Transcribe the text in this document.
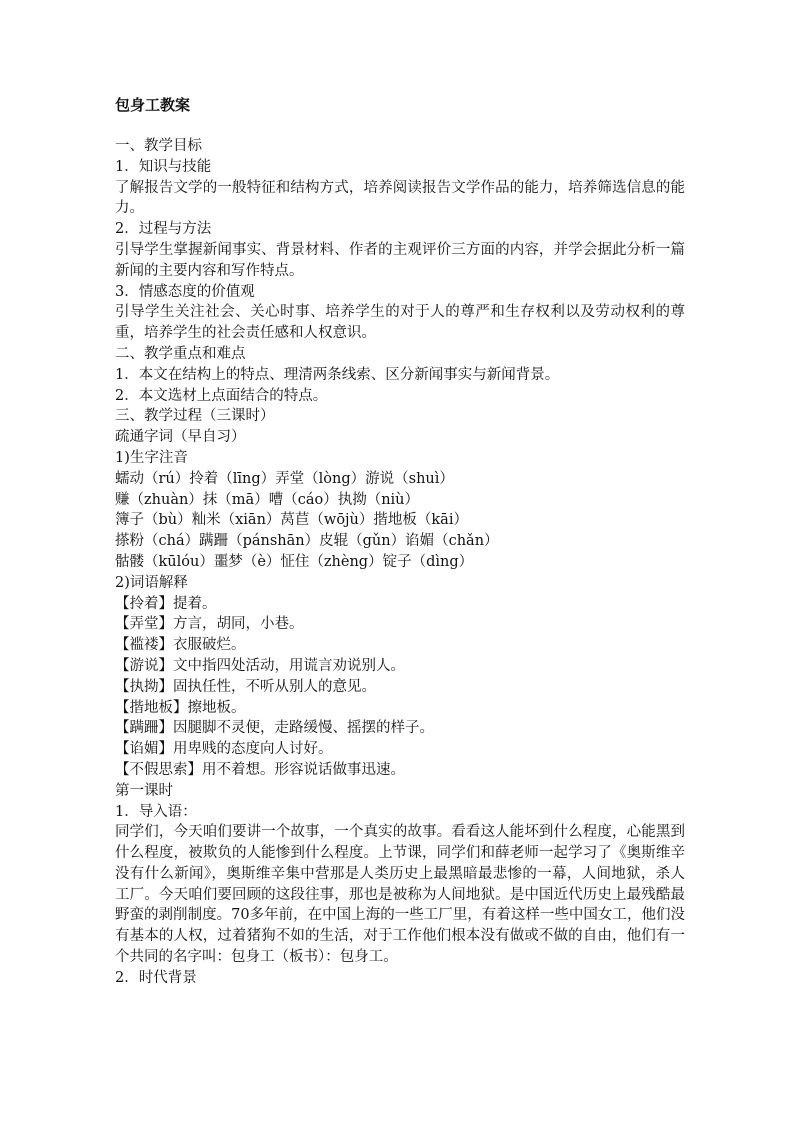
包身工教案
一、教学目标
1．知识与技能
了解报告文学的一般特征和结构方式，培养阅读报告文学作品的能力，培养筛选信息的能力。
2．过程与方法
引导学生掌握新闻事实、背景材料、作者的主观评价三方面的内容，并学会据此分析一篇新闻的主要内容和写作特点。
3．情感态度的价值观
引导学生关注社会、关心时事、培养学生的对于人的尊严和生存权利以及劳动权利的尊重，培养学生的社会责任感和人权意识。
二、教学重点和难点
1．本文在结构上的特点、理清两条线索、区分新闻事实与新闻背景。
2．本文选材上点面结合的特点。
三、教学过程（三课时）
疏通字词（早自习）
1)生字注音
蠕动（rú）拎着（līng）弄堂（lòng）游说（shuì）
赚（zhuàn）抹（mā）嘈（cáo）执拗（niù）
簿子（bù）籼米（xiān）莴苣（wōjù）揩地板（kāi）
搽粉（chá）蹒跚（pánshān）皮辊（gǔn）谄媚（chǎn）
骷髅（kūlóu）噩梦（è）怔住（zhèng）锭子（dìng）
2)词语解释
【拎着】提着。
【弄堂】方言，胡同，小巷。
【褴褛】衣服破烂。
【游说】文中指四处活动，用谎言劝说别人。
【执拗】固执任性，不听从别人的意见。
【揩地板】擦地板。
【蹒跚】因腿脚不灵便，走路缓慢、摇摆的样子。
【谄媚】用卑贱的态度向人讨好。
【不假思索】用不着想。形容说话做事迅速。
第一课时
1．导入语：
同学们，今天咱们要讲一个故事，一个真实的故事。看看这人能坏到什么程度，心能黑到什么程度，被欺负的人能惨到什么程度。上节课，同学们和薛老师一起学习了《奥斯维辛没有什么新闻》，奥斯维辛集中营那是人类历史上最黑暗最悲惨的一幕，人间地狱，杀人工厂。今天咱们要回顾的这段往事，那也是被称为人间地狱。是中国近代历史上最残酷最野蛮的剥削制度。70多年前，在中国上海的一些工厂里，有着这样一些中国女工，他们没有基本的人权，过着猪狗不如的生活，对于工作他们根本没有做或不做的自由，他们有一个共同的名字叫：包身工（板书）：包身工。
2．时代背景
